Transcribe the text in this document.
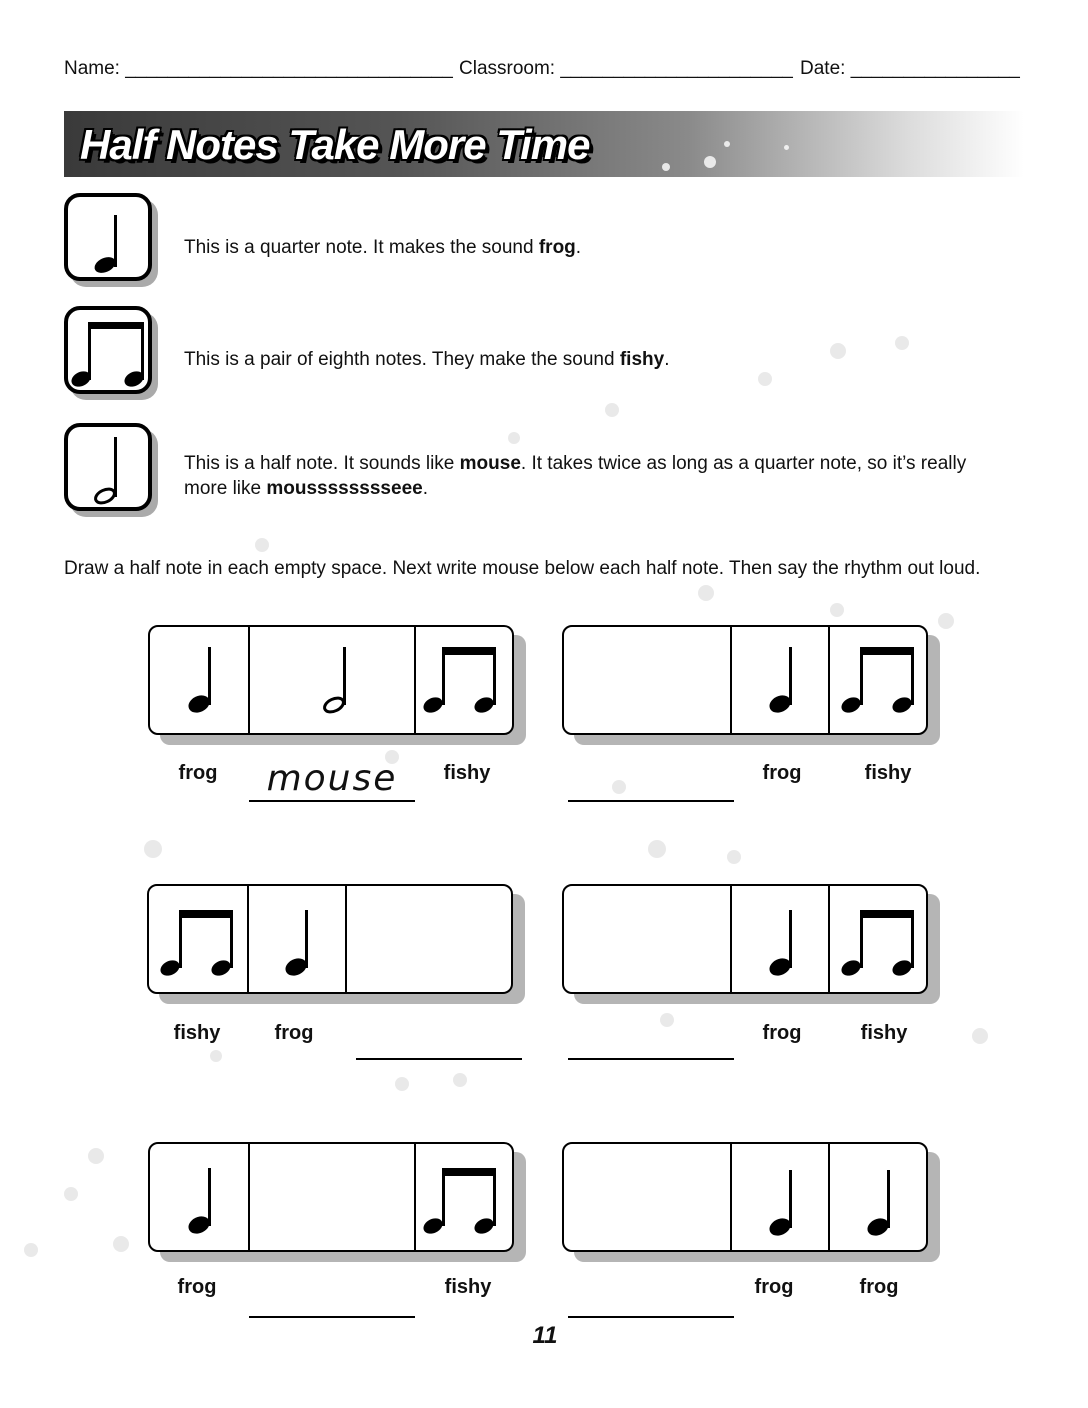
Name: _______________________________ Classroom: ______________________ Date: ________________
Half Notes Take More Time
This is a quarter note. It makes the sound frog.
This is a pair of eighth notes. They make the sound fishy.
This is a half note. It sounds like mouse. It takes twice as long as a quarter note, so it’s really more like mousssssssseee.
Draw a half note in each empty space. Next write mouse below each half note. Then say the rhythm out loud.
frog mouse fishy	frog	fishy
fishy	frog	frog	fishy
frog	fishy	frog	frog
11
